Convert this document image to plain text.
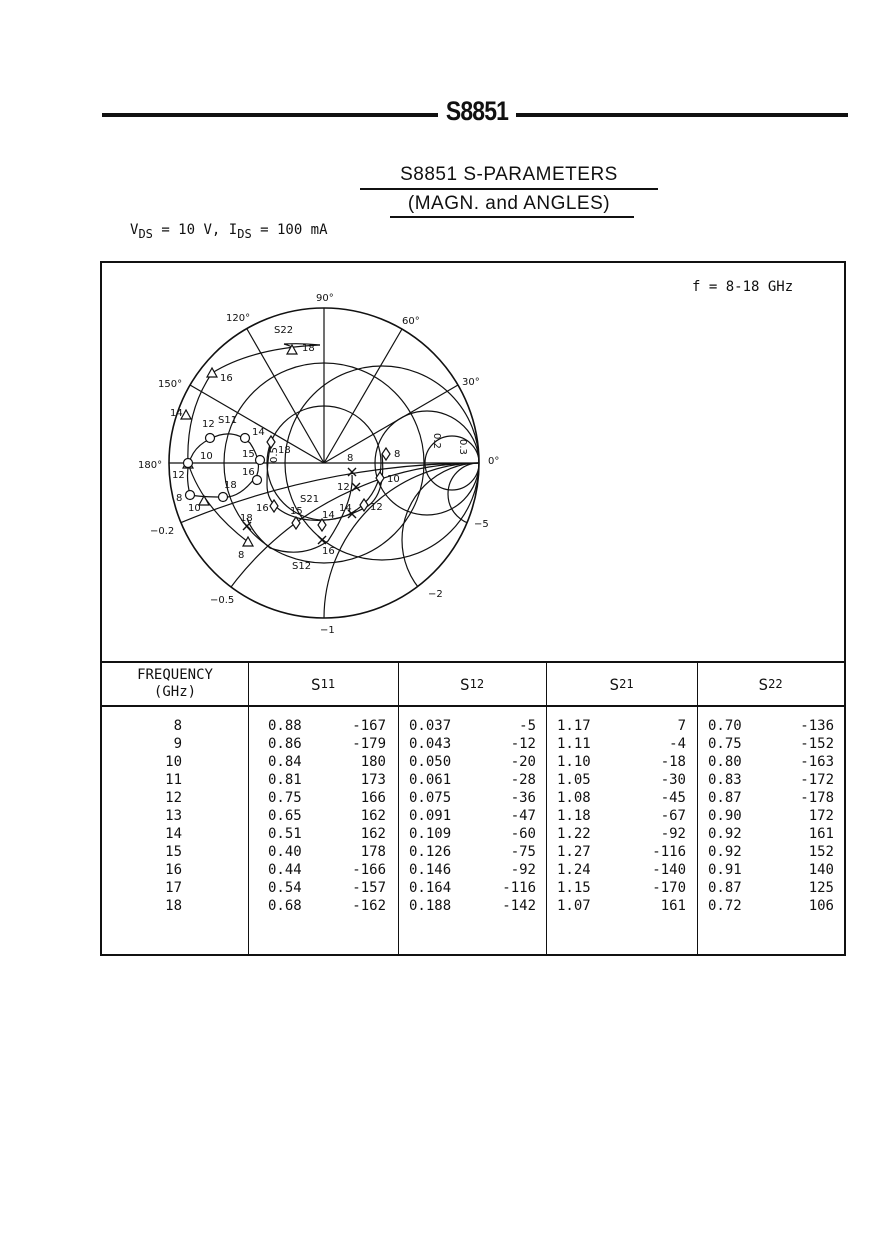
S8851
S8851 S-PARAMETERS
(MAGN. and ANGLES)
$V_{DS} = 10$ V, $I_{DS} = 100$ mA
f = 8-18 GHz
90°
60°
30°
0°
120°
150°
180°
0.2 0.3
0.5
−0.2
−0.5
−1
−2
−5
S22
S11
S21
S12
18
16
14
12
10
8
8
10
12
14
15
16
18
8
10
12
14
15
16
18
8
12
14
16
18
FREQUENCY
(GHz)	S 11	S 12	S 21	S 22
8	0.88	-167 0.037	-5 1.17	7 0.70	-136
9	0.86	-179 0.043	-12 1.11	-4 0.75	-152
10	0.84	180 0.050	-20 1.10	-18 0.80	-163
11	0.81	173 0.061	-28 1.05	-30 0.83	-172
12	0.75	166 0.075	-36 1.08	-45 0.87	-178
13	0.65	162 0.091	-47 1.18	-67 0.90	172
14	0.51	162 0.109	-60 1.22	-92 0.92	161
15	0.40	178 0.126	-75 1.27	-116 0.92	152
16	0.44	-166 0.146	-92 1.24	-140 0.91	140
17	0.54	-157 0.164	-116 1.15	-170 0.87	125
18	0.68	-162 0.188	-142 1.07	161 0.72	106
